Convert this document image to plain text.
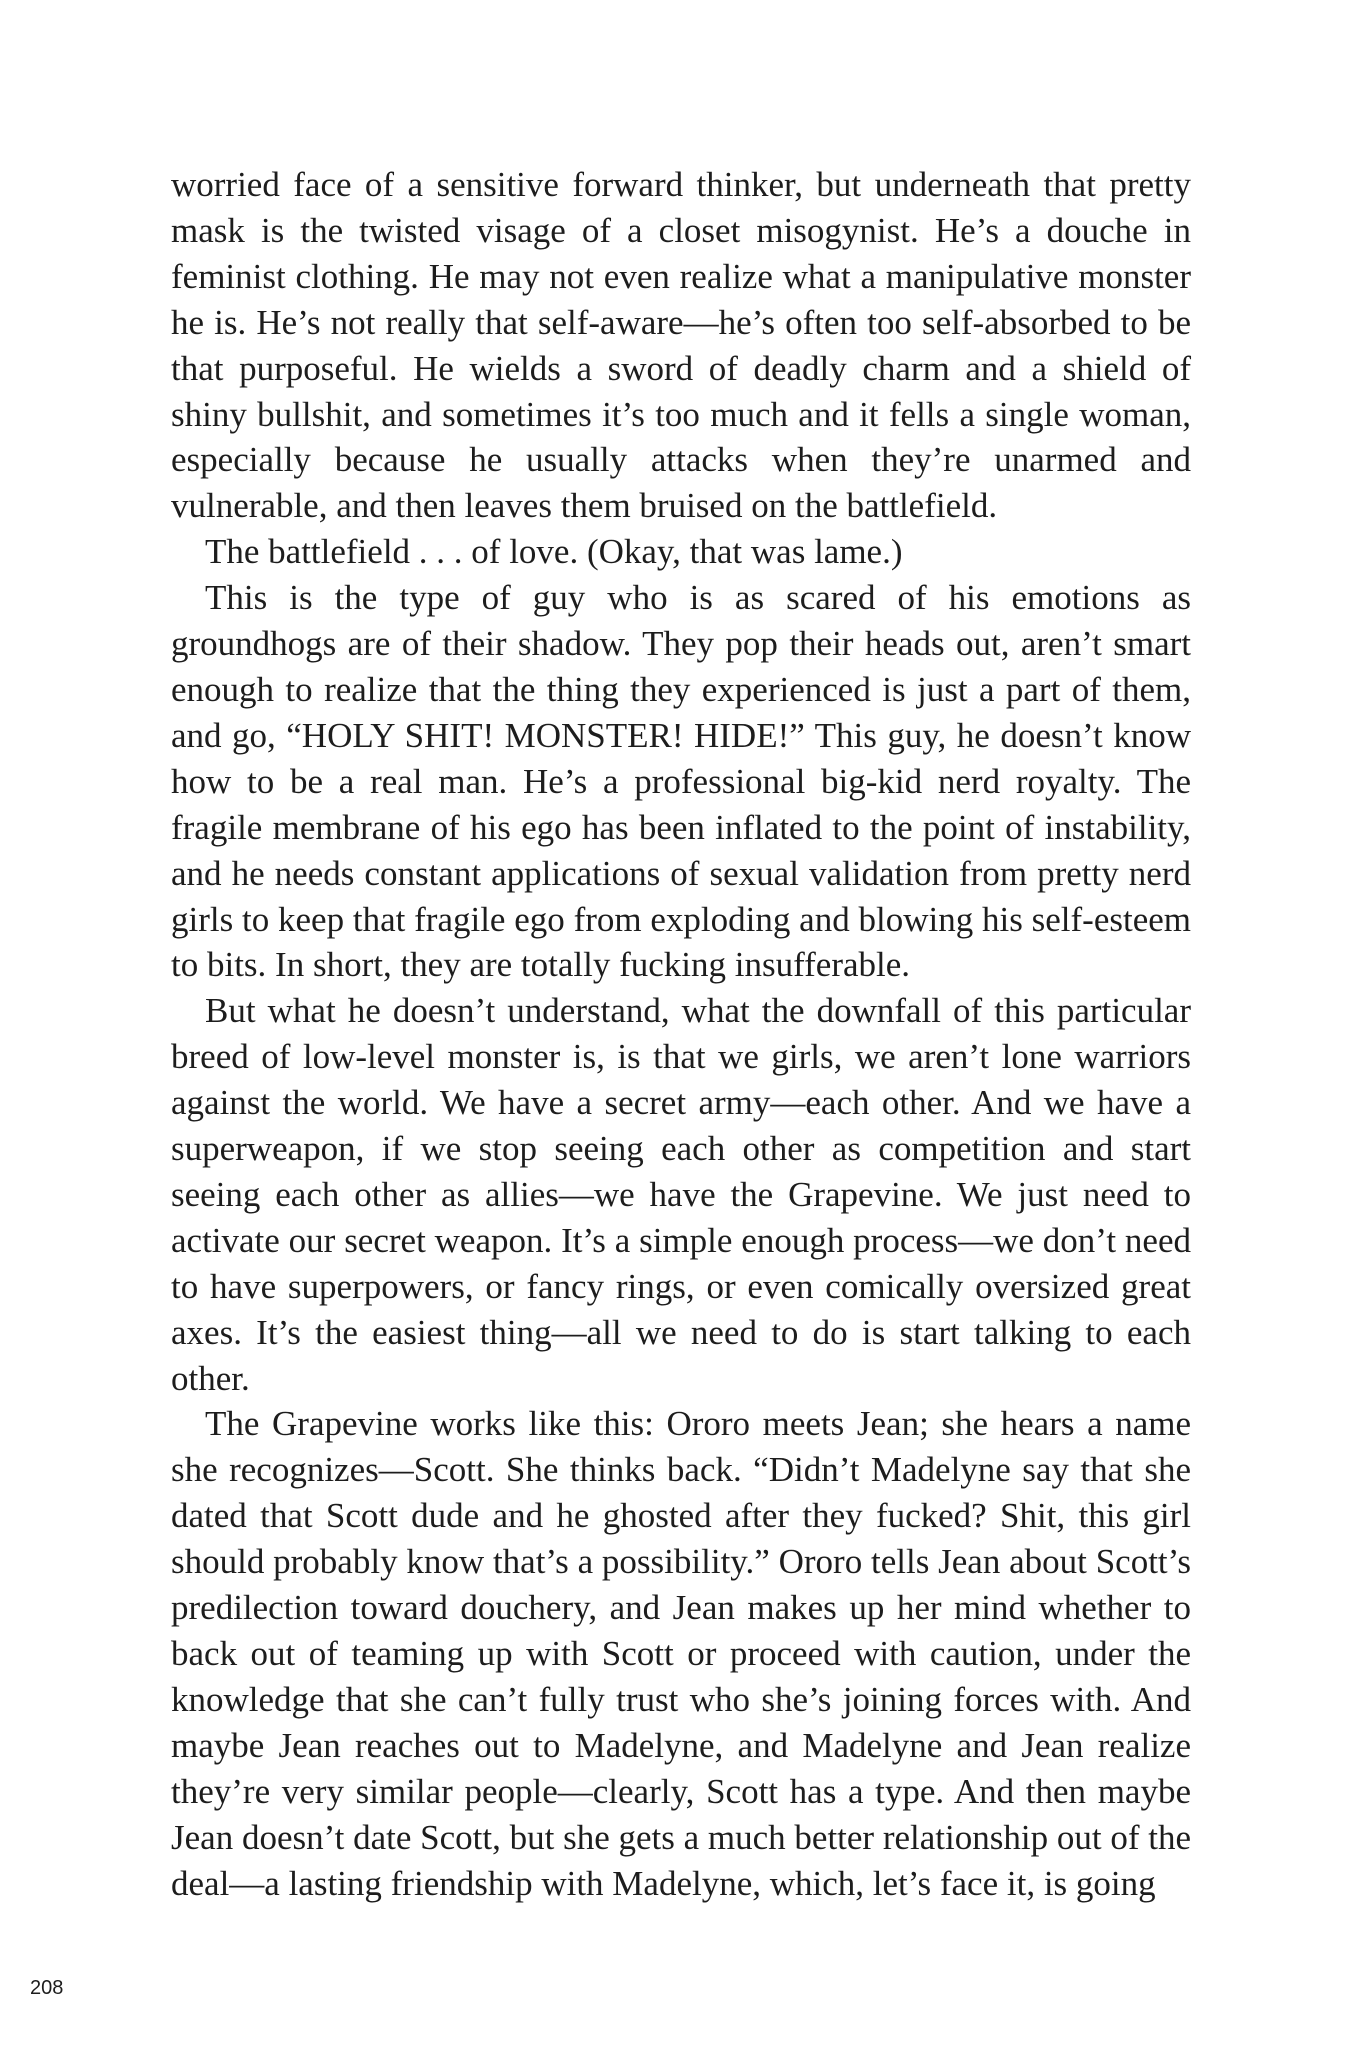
worried face of a sensitive forward thinker, but underneath that pretty mask is the twisted visage of a closet misogynist. He’s a douche in feminist clothing. He may not even realize what a manipulative monster he is. He’s not really that self-aware—he’s often too self-absorbed to be that purposeful. He wields a sword of deadly charm and a shield of shiny bullshit, and sometimes it’s too much and it fells a single woman, especially because he usually attacks when they’re unarmed and vulnerable, and then leaves them bruised on the battlefield.

The battlefield . . . of love. (Okay, that was lame.)

This is the type of guy who is as scared of his emotions as groundhogs are of their shadow. They pop their heads out, aren’t smart enough to realize that the thing they experienced is just a part of them, and go, “HOLY SHIT! MONSTER! HIDE!” This guy, he doesn’t know how to be a real man. He’s a professional big-kid nerd royalty. The fragile membrane of his ego has been inflated to the point of instability, and he needs constant applications of sexual validation from pretty nerd girls to keep that fragile ego from exploding and blowing his self-esteem to bits. In short, they are totally fucking insufferable.

But what he doesn’t understand, what the downfall of this particular breed of low-level monster is, is that we girls, we aren’t lone warriors against the world. We have a secret army—each other. And we have a superweapon, if we stop seeing each other as competition and start seeing each other as allies—we have the Grapevine. We just need to activate our secret weapon. It’s a simple enough process—we don’t need to have superpowers, or fancy rings, or even comically oversized great axes. It’s the easiest thing—all we need to do is start talking to each other.

The Grapevine works like this: Ororo meets Jean; she hears a name she recognizes—Scott. She thinks back. “Didn’t Madelyne say that she dated that Scott dude and he ghosted after they fucked? Shit, this girl should probably know that’s a possibility.” Ororo tells Jean about Scott’s predilection toward douchery, and Jean makes up her mind whether to back out of teaming up with Scott or proceed with caution, under the knowledge that she can’t fully trust who she’s joining forces with. And maybe Jean reaches out to Madelyne, and Madelyne and Jean realize they’re very similar people—clearly, Scott has a type. And then maybe Jean doesn’t date Scott, but she gets a much better relationship out of the deal—a lasting friendship with Madelyne, which, let’s face it, is going

208
